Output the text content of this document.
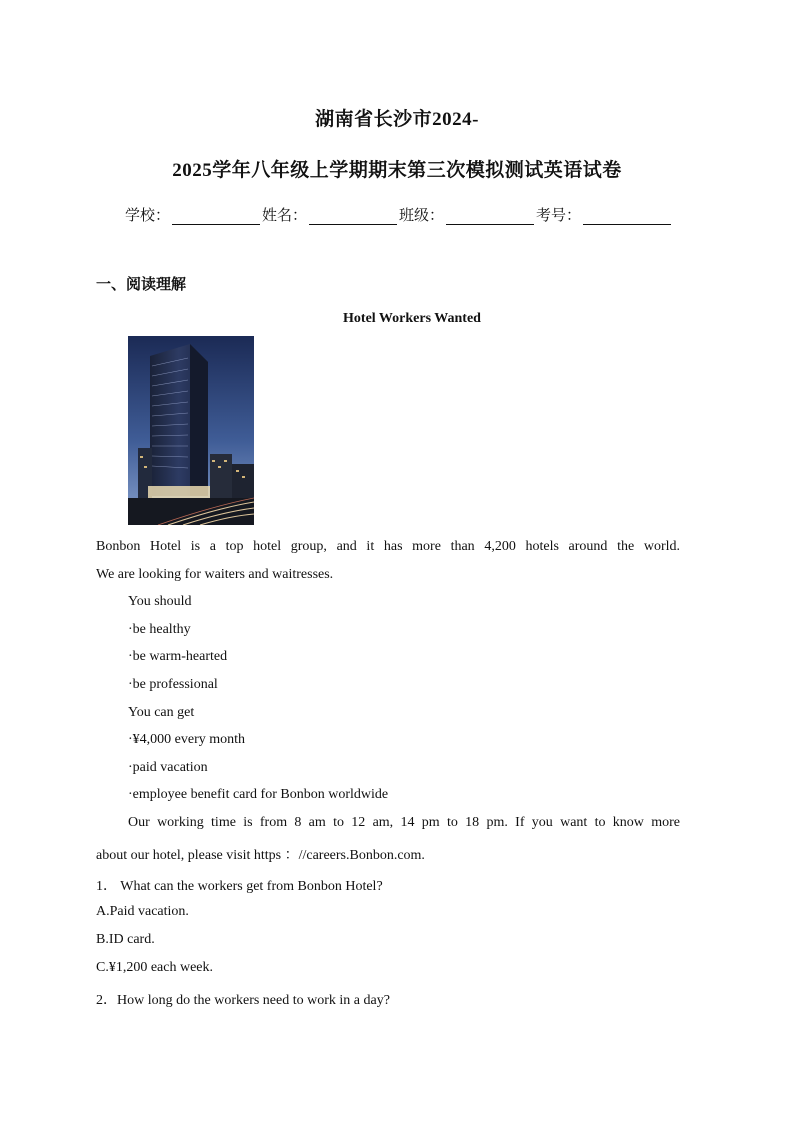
湖南省长沙市2024-
2025学年八年级上学期期末第三次模拟测试英语试卷
学校：	姓名：	班级：	考号：
一、阅读理解
Hotel Workers Wanted
Bonbon Hotel is a top hotel group, and it has more than 4,200 hotels around the world.
We are looking for waiters and waitresses.
You should
·be healthy
·be warm-hearted
·be professional
You can get
·¥4,000 every month
·paid vacation
·employee benefit card for Bonbon worldwide
Our working time is from 8 am to 12 am, 14 pm to 18 pm. If you want to know more
about our hotel, please visit https ：//careers.Bonbon.com.
1． What can the workers get from Bonbon Hotel?
A.Paid vacation.
B.ID card.
C.¥1,200 each week.
2．How long do the workers need to work in a day?
